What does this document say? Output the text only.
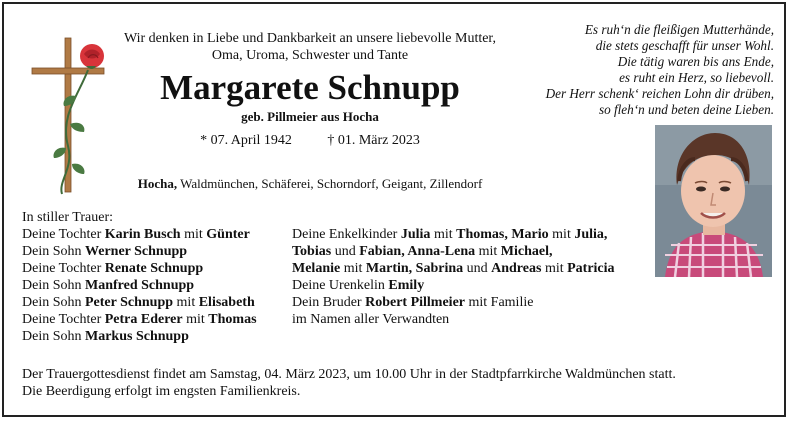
Wir denken in Liebe und Dankbarkeit an unsere liebevolle Mutter,
Oma, Uroma, Schwester und Tante
Margarete Schnupp
geb. Pillmeier aus Hocha
* 07. April 1942	† 01. März 2023
Hocha, Waldmünchen, Schäferei, Schorndorf, Geigant, Zillendorf
Es ruh‘n die fleißigen Mutterhände,
die stets geschafft für unser Wohl.
Die tätig waren bis ans Ende,
es ruht ein Herz, so liebevoll.
Der Herr schenk‘ reichen Lohn dir drüben,
so fleh‘n und beten deine Lieben.
In stiller Trauer:
Deine Tochter Karin Busch mit Günter
Dein Sohn Werner Schnupp
Deine Tochter Renate Schnupp
Dein Sohn Manfred Schnupp
Dein Sohn Peter Schnupp mit Elisabeth
Deine Tochter Petra Ederer mit Thomas
Dein Sohn Markus Schnupp
Deine Enkelkinder Julia mit Thomas, Mario mit Julia,
Tobias und Fabian, Anna-Lena mit Michael,
Melanie mit Martin, Sabrina und Andreas mit Patricia
Deine Urenkelin Emily
Dein Bruder Robert Pillmeier mit Familie
im Namen aller Verwandten
Der Trauergottesdienst findet am Samstag, 04. März 2023, um 10.00 Uhr in der Stadtpfarrkirche Waldmünchen statt.
Die Beerdigung erfolgt im engsten Familienkreis.
